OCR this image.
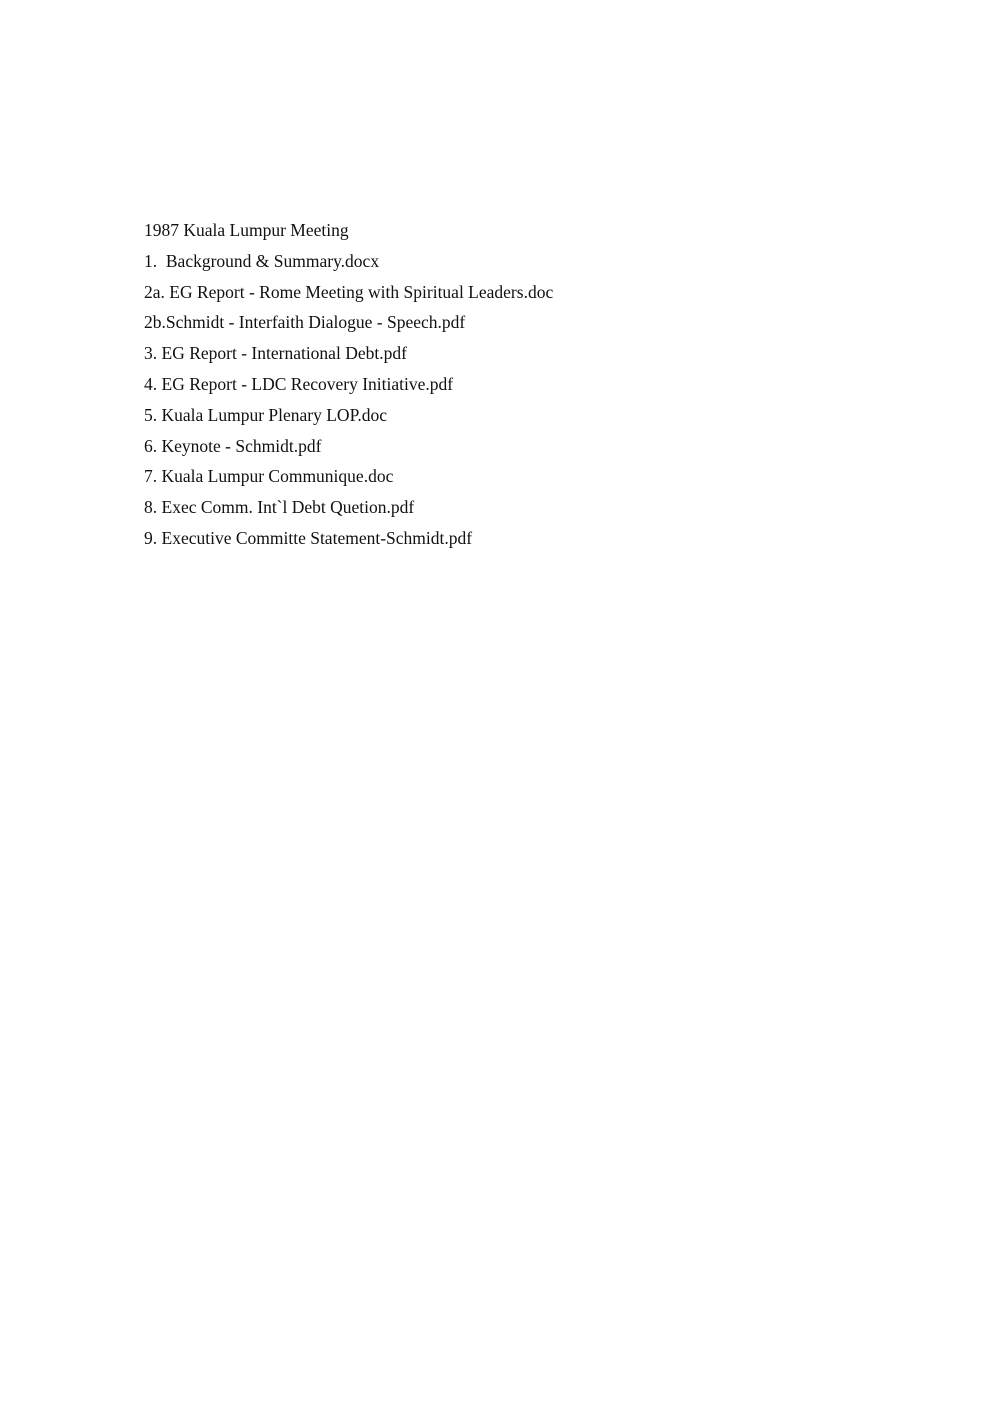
1987 Kuala Lumpur Meeting
1.  Background & Summary.docx
2a. EG Report - Rome Meeting with Spiritual Leaders.doc
2b.Schmidt - Interfaith Dialogue - Speech.pdf
3. EG Report - International Debt.pdf
4. EG Report - LDC Recovery Initiative.pdf
5. Kuala Lumpur Plenary LOP.doc
6. Keynote - Schmidt.pdf
7. Kuala Lumpur Communique.doc
8. Exec Comm. Int`l Debt Quetion.pdf
9. Executive Committe Statement-Schmidt.pdf
